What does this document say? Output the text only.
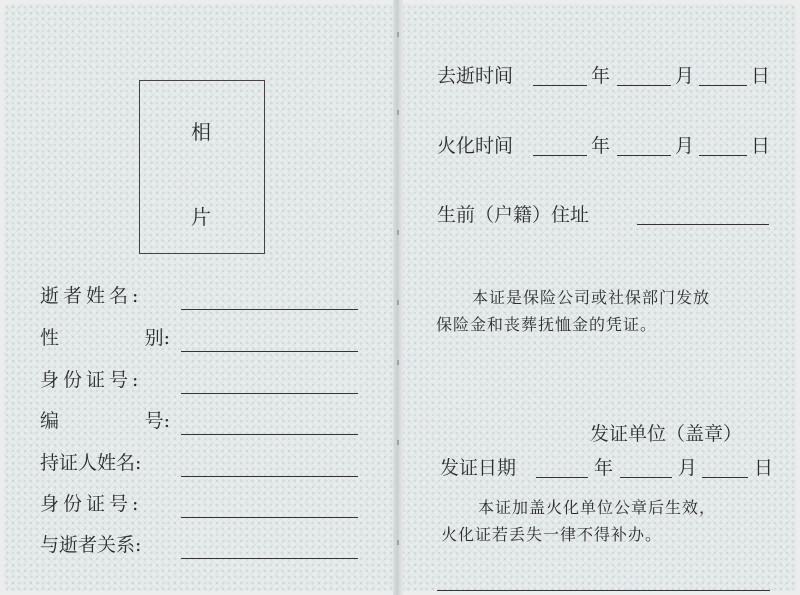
相
片
逝者姓名:
性	别:
身份证号:
编	号:
持证人姓名:
身份证号:
与逝者关系:
去逝时间	年	月	日
火化时间	年	月	日
生前（户籍）住址
本证是保险公司或社保部门发放
保险金和丧葬抚恤金的凭证。
发证单位（盖章）
发证日期	年	月	日
本证加盖火化单位公章后生效，
火化证若丢失一律不得补办。
